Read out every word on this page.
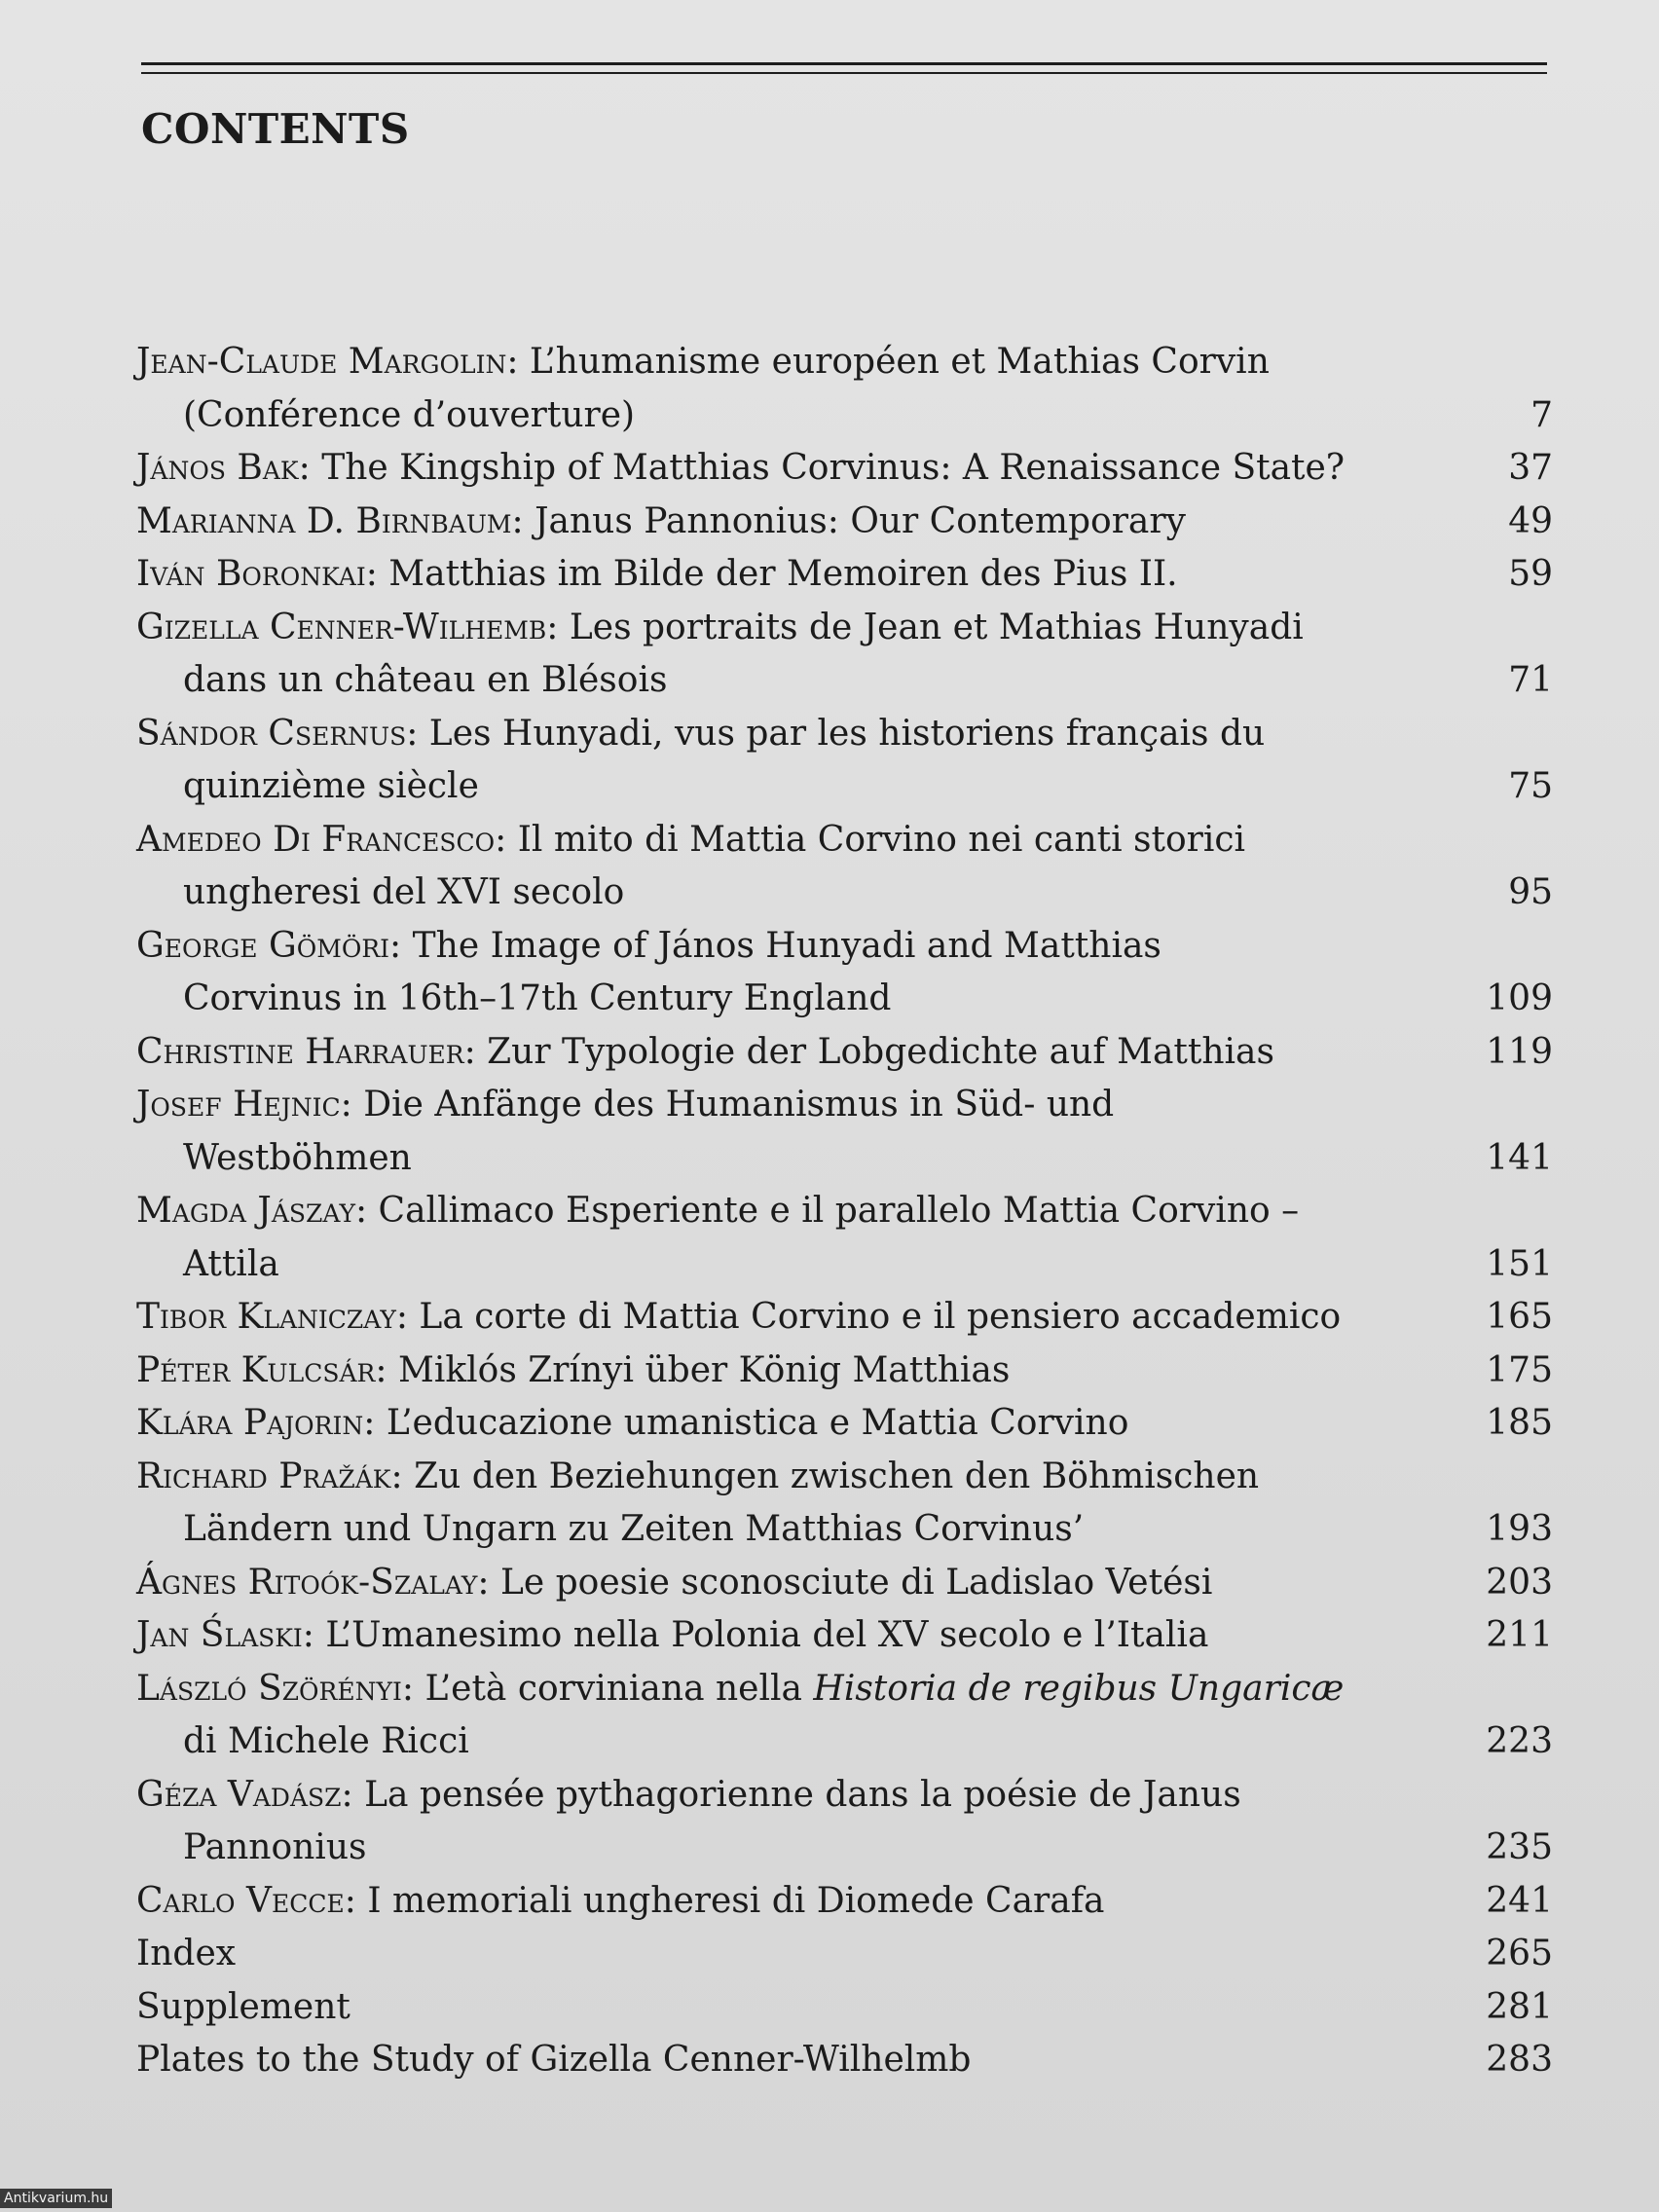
CONTENTS
Jean-Claude Margolin: L’humanisme européen et Mathias Corvin
(Conférence d’ouverture)	7
János Bak: The Kingship of Matthias Corvinus: A Renaissance State?	37
Marianna D. Birnbaum: Janus Pannonius: Our Contemporary	49
Iván Boronkai: Matthias im Bilde der Memoiren des Pius II.	59
Gizella Cenner-Wilhemb: Les portraits de Jean et Mathias Hunyadi
dans un château en Blésois	71
Sándor Csernus: Les Hunyadi, vus par les historiens français du
quinzième siècle	75
Amedeo Di Francesco: Il mito di Mattia Corvino nei canti storici
ungheresi del XVI secolo	95
George Gömöri: The Image of János Hunyadi and Matthias
Corvinus in 16th–17th Century England	109
Christine Harrauer: Zur Typologie der Lobgedichte auf Matthias	119
Josef Hejnic: Die Anfänge des Humanismus in Süd- und
Westböhmen	141
Magda Jászay: Callimaco Esperiente e il parallelo Mattia Corvino –
Attila	151
Tibor Klaniczay: La corte di Mattia Corvino e il pensiero accademico	165
Péter Kulcsár: Miklós Zrínyi über König Matthias	175
Klára Pajorin: L’educazione umanistica e Mattia Corvino	185
Richard Pražák: Zu den Beziehungen zwischen den Böhmischen
Ländern und Ungarn zu Zeiten Matthias Corvinus’	193
Ágnes Ritoók-Szalay: Le poesie sconosciute di Ladislao Vetési	203
Jan Ślaski: L’Umanesimo nella Polonia del XV secolo e l’Italia	211
László Szörényi: L’età corviniana nella Historia de regibus Ungaricæ
di Michele Ricci	223
Géza Vadász: La pensée pythagorienne dans la poésie de Janus
Pannonius	235
Carlo Vecce: I memoriali ungheresi di Diomede Carafa	241
Index	265
Supplement	281
Plates to the Study of Gizella Cenner-Wilhelmb	283
Antikvarium.hu
